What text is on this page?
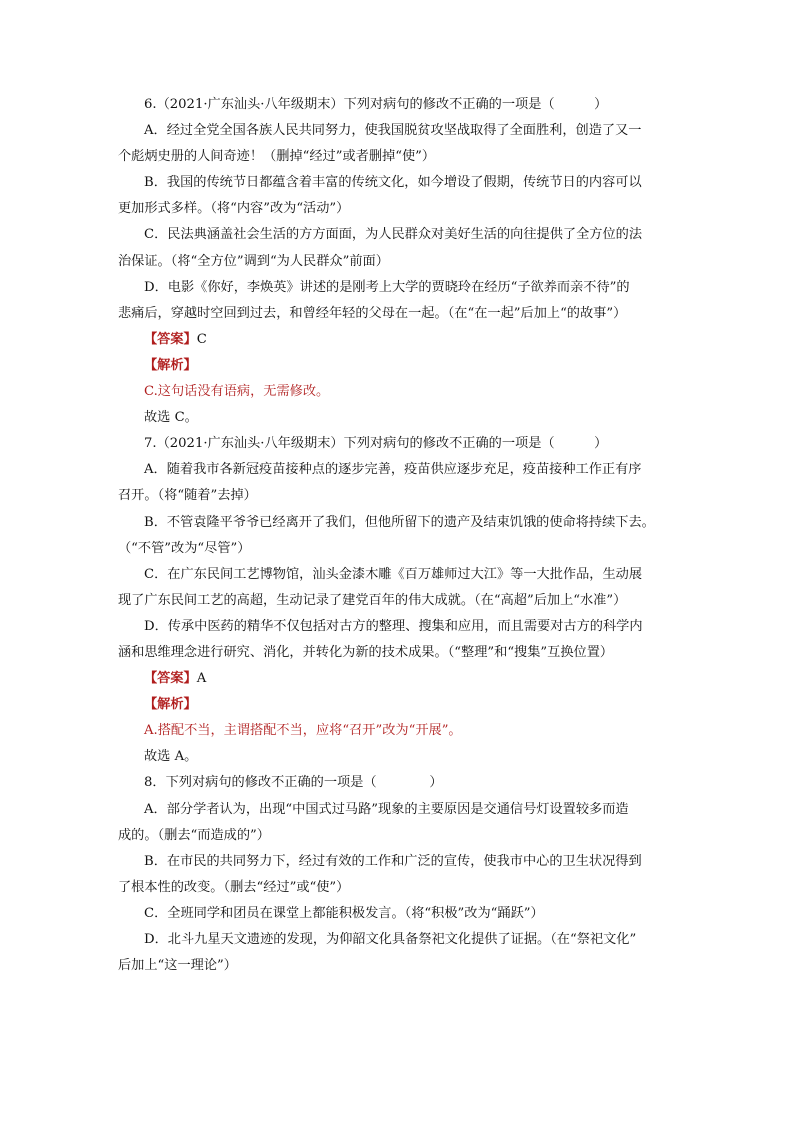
6.（2021·广东汕头·八年级期末）下列对病句的修改不正确的一项是（　　　）
A．经过全党全国各族人民共同努力，使我国脱贫攻坚战取得了全面胜利，创造了又一
个彪炳史册的人间奇迹！（删掉“经过”或者删掉“使”）
B．我国的传统节日都蕴含着丰富的传统文化，如今增设了假期，传统节日的内容可以
更加形式多样。（将“内容”改为“活动”）
C．民法典涵盖社会生活的方方面面，为人民群众对美好生活的向往提供了全方位的法
治保证。（将“全方位”调到“为人民群众”前面）
D．电影《你好，李焕英》讲述的是刚考上大学的贾晓玲在经历“子欲养而亲不待”的
悲痛后，穿越时空回到过去，和曾经年轻的父母在一起。（在“在一起”后加上“的故事”）
【答案】C
【解析】
C.这句话没有语病，无需修改。
故选 C。
7.（2021·广东汕头·八年级期末）下列对病句的修改不正确的一项是（　　　）
A．随着我市各新冠疫苗接种点的逐步完善，疫苗供应逐步充足，疫苗接种工作正有序
召开。（将“随着”去掉）
B．不管袁隆平爷爷已经离开了我们，但他所留下的遗产及结束饥饿的使命将持续下去。
（“不管”改为“尽管”）
C．在广东民间工艺博物馆，汕头金漆木雕《百万雄师过大江》等一大批作品，生动展
现了广东民间工艺的高超，生动记录了建党百年的伟大成就。（在“高超”后加上“水准”）
D．传承中医药的精华不仅包括对古方的整理、搜集和应用，而且需要对古方的科学内
涵和思维理念进行研究、消化，并转化为新的技术成果。（“整理”和“搜集”互换位置）
【答案】A
【解析】
A.搭配不当，主谓搭配不当，应将“召开”改为“开展”。
故选 A。
8．下列对病句的修改不正确的一项是（　　　　）
A．部分学者认为，出现“中国式过马路”现象的主要原因是交通信号灯设置较多而造
成的。（删去“而造成的”）
B．在市民的共同努力下，经过有效的工作和广泛的宣传，使我市中心的卫生状况得到
了根本性的改变。（删去“经过”或“使”）
C．全班同学和团员在课堂上都能积极发言。（将“积极”改为“踊跃”）
D．北斗九星天文遗迹的发现，为仰韶文化具备祭祀文化提供了证据。（在“祭祀文化”
后加上“这一理论”）
